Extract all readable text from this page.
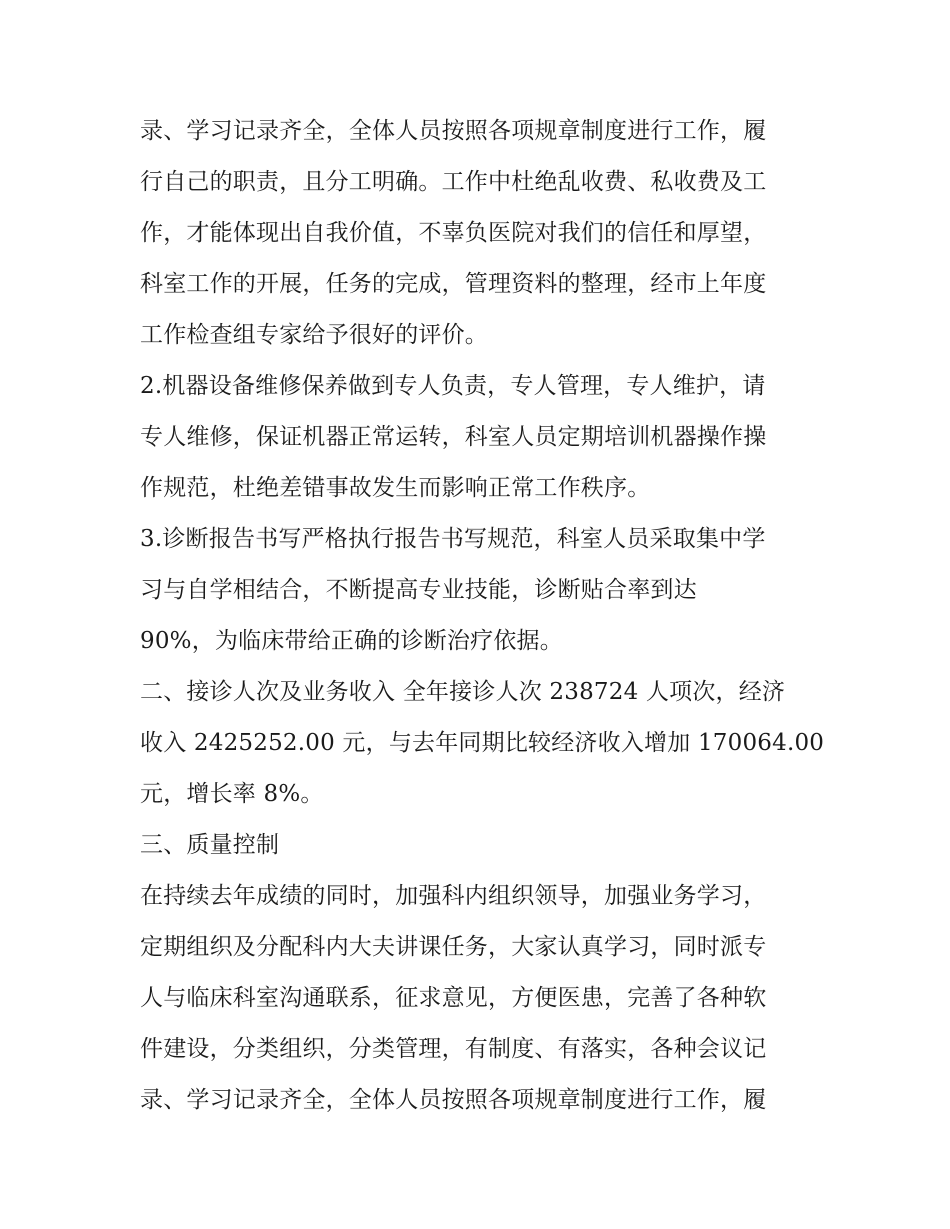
录、学习记录齐全，全体人员按照各项规章制度进行工作，履
行自己的职责，且分工明确。工作中杜绝乱收费、私收费及工
作，才能体现出自我价值，不辜负医院对我们的信任和厚望，
科室工作的开展，任务的完成，管理资料的整理，经市上年度
工作检查组专家给予很好的评价。
2.机器设备维修保养做到专人负责，专人管理，专人维护，请
专人维修，保证机器正常运转，科室人员定期培训机器操作操
作规范，杜绝差错事故发生而影响正常工作秩序。
3.诊断报告书写严格执行报告书写规范，科室人员采取集中学
习与自学相结合，不断提高专业技能，诊断贴合率到达
90%，为临床带给正确的诊断治疗依据。
二、接诊人次及业务收入 全年接诊人次 238724 人项次，经济
收入 2425252.00 元，与去年同期比较经济收入增加 170064.00
元，增长率 8%。
三、质量控制
在持续去年成绩的同时，加强科内组织领导，加强业务学习，
定期组织及分配科内大夫讲课任务，大家认真学习，同时派专
人与临床科室沟通联系，征求意见，方便医患，完善了各种软
件建设，分类组织，分类管理，有制度、有落实，各种会议记
录、学习记录齐全，全体人员按照各项规章制度进行工作，履
